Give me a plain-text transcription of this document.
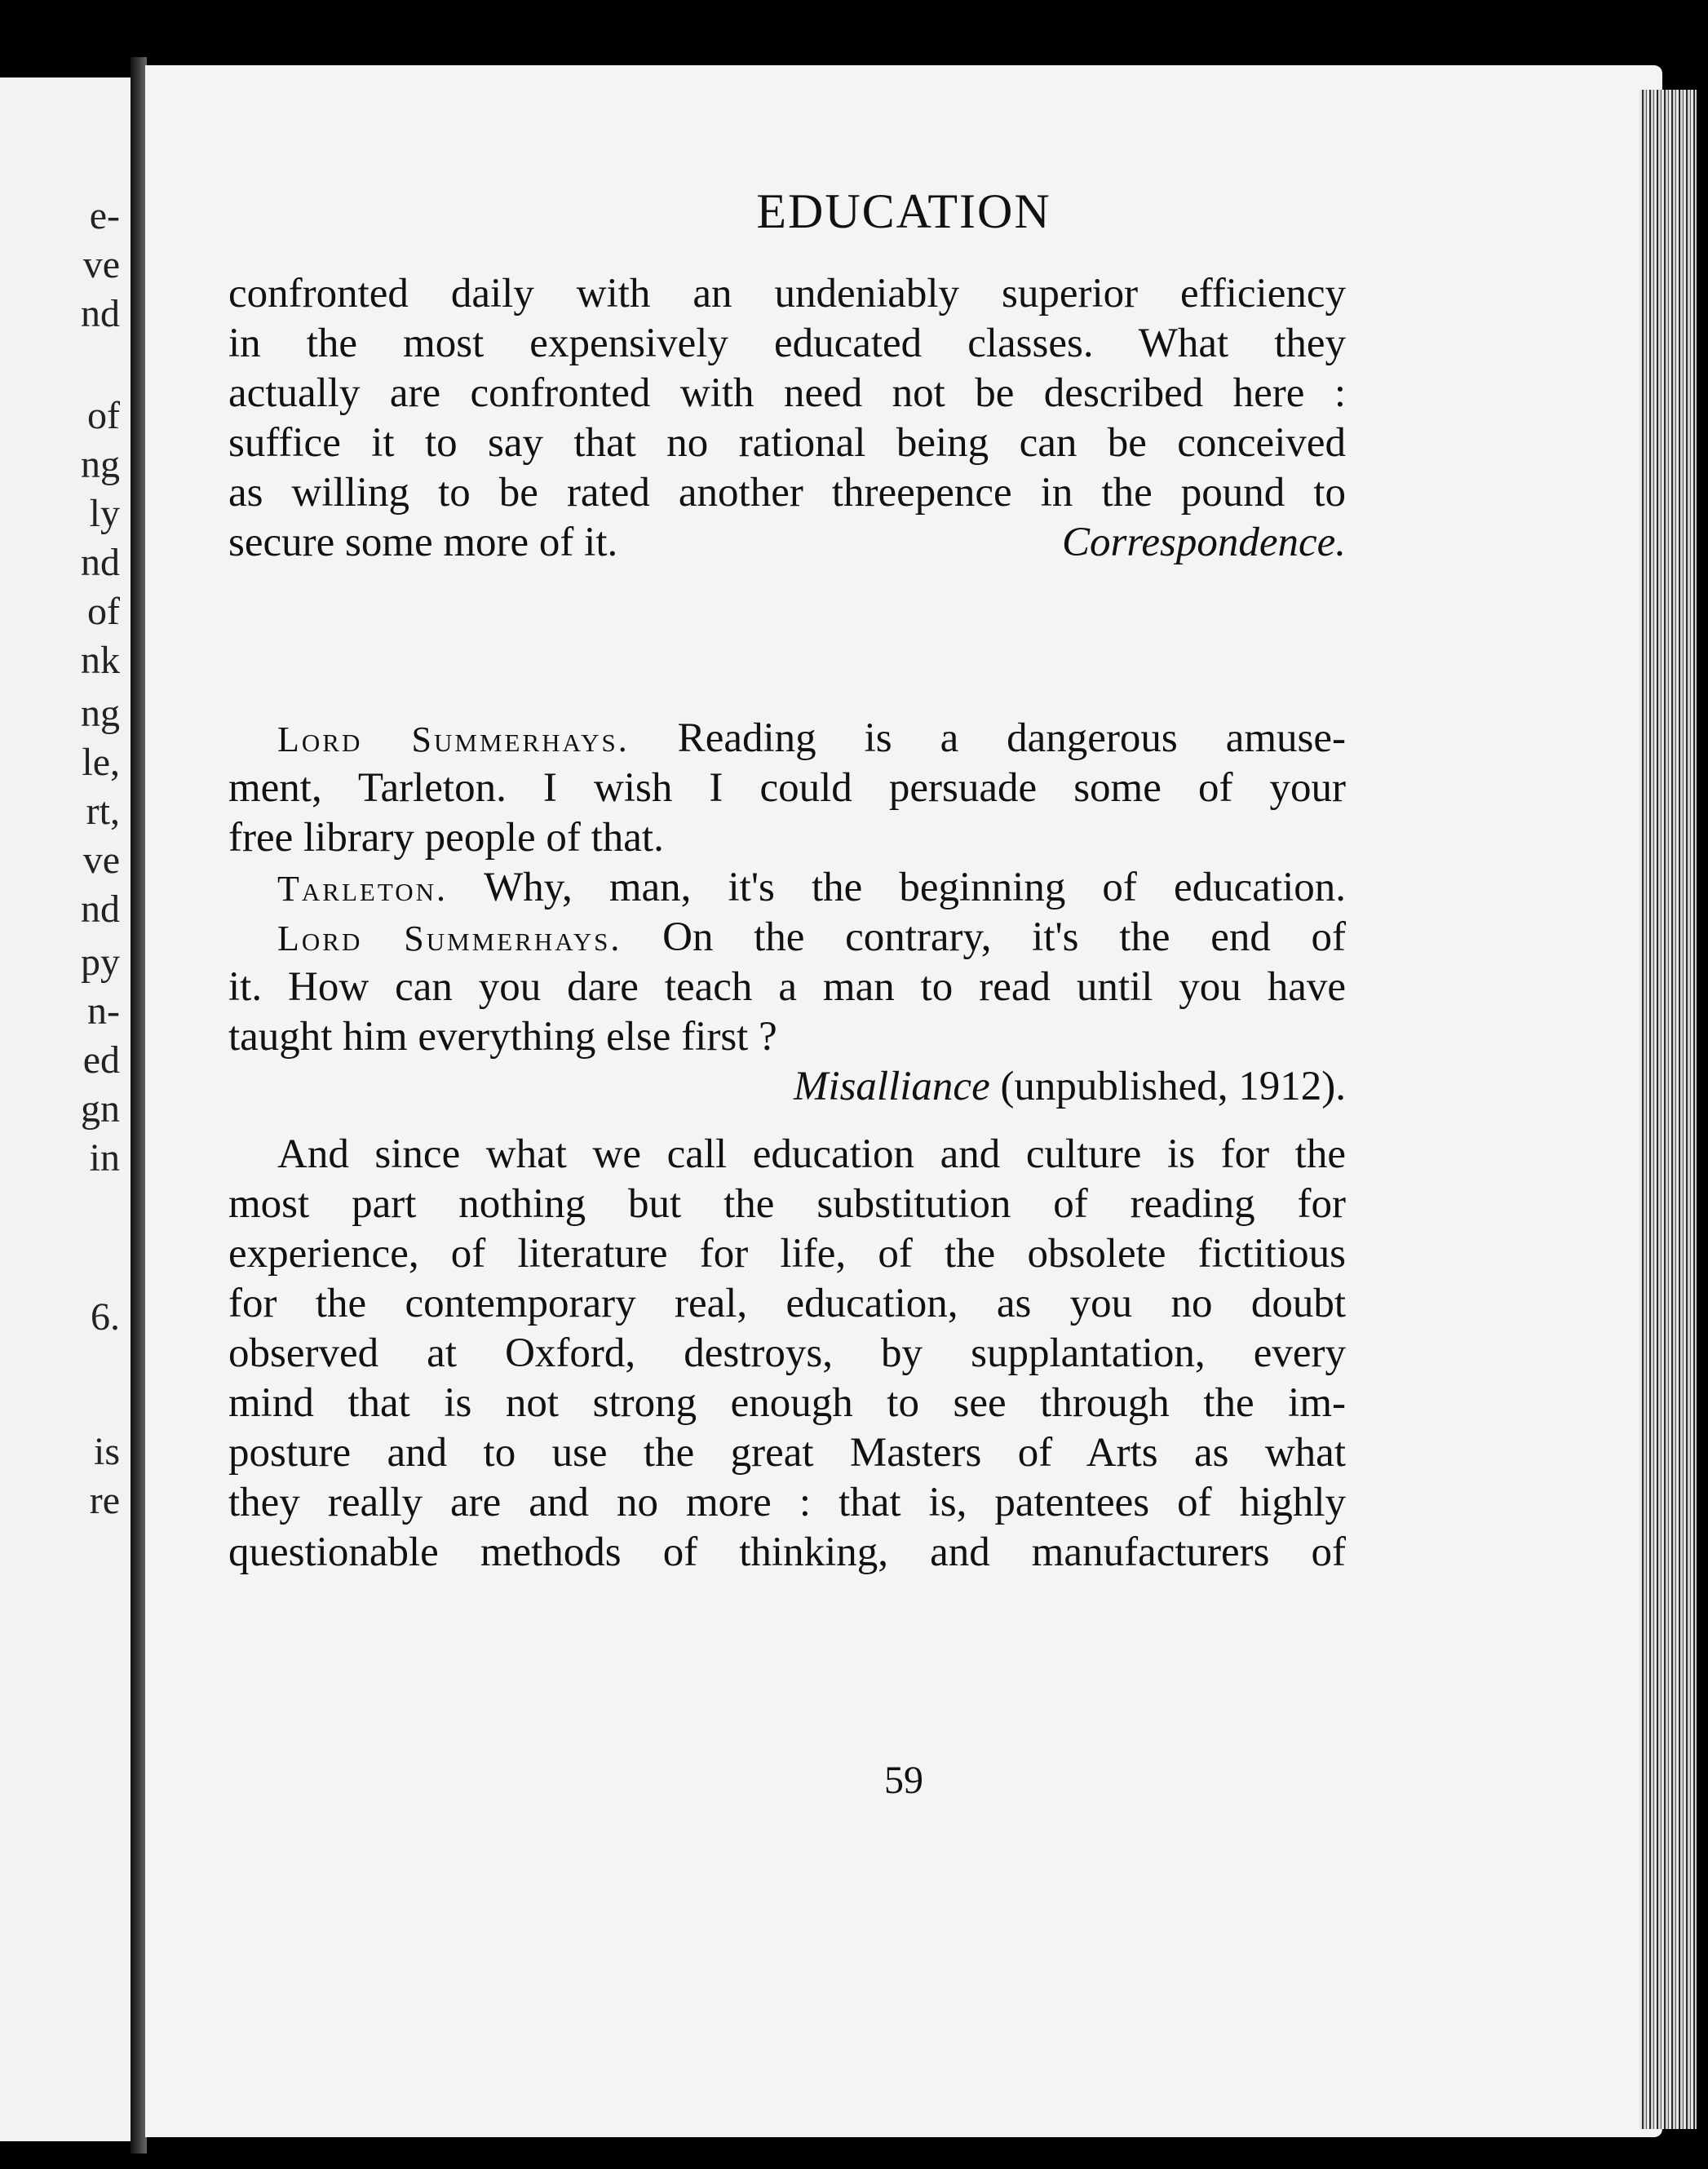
e-
ve
nd
of
ng
ly
nd
of
nk
ng
le,
rt,
ve
nd
py
n-
ed
gn
in
6.
is
re
EDUCATION
confronted daily with an undeniably superior efficiency
in the most expensively educated classes. What they
actually are confronted with need not be described here :
suffice it to say that no rational being can be conceived
as willing to be rated another threepence in the pound to
secure some more of it.	Correspondence.
Lord Summerhays. Reading is a dangerous amuse-
ment, Tarleton. I wish I could persuade some of your
free library people of that.
Tarleton. Why, man, it's the beginning of education.
Lord Summerhays. On the contrary, it's the end of
it. How can you dare teach a man to read until you have
taught him everything else first ?
Misalliance (unpublished, 1912).
And since what we call education and culture is for the
most part nothing but the substitution of reading for
experience, of literature for life, of the obsolete fictitious
for the contemporary real, education, as you no doubt
observed at Oxford, destroys, by supplantation, every
mind that is not strong enough to see through the im-
posture and to use the great Masters of Arts as what
they really are and no more : that is, patentees of highly
questionable methods of thinking, and manufacturers of
59
